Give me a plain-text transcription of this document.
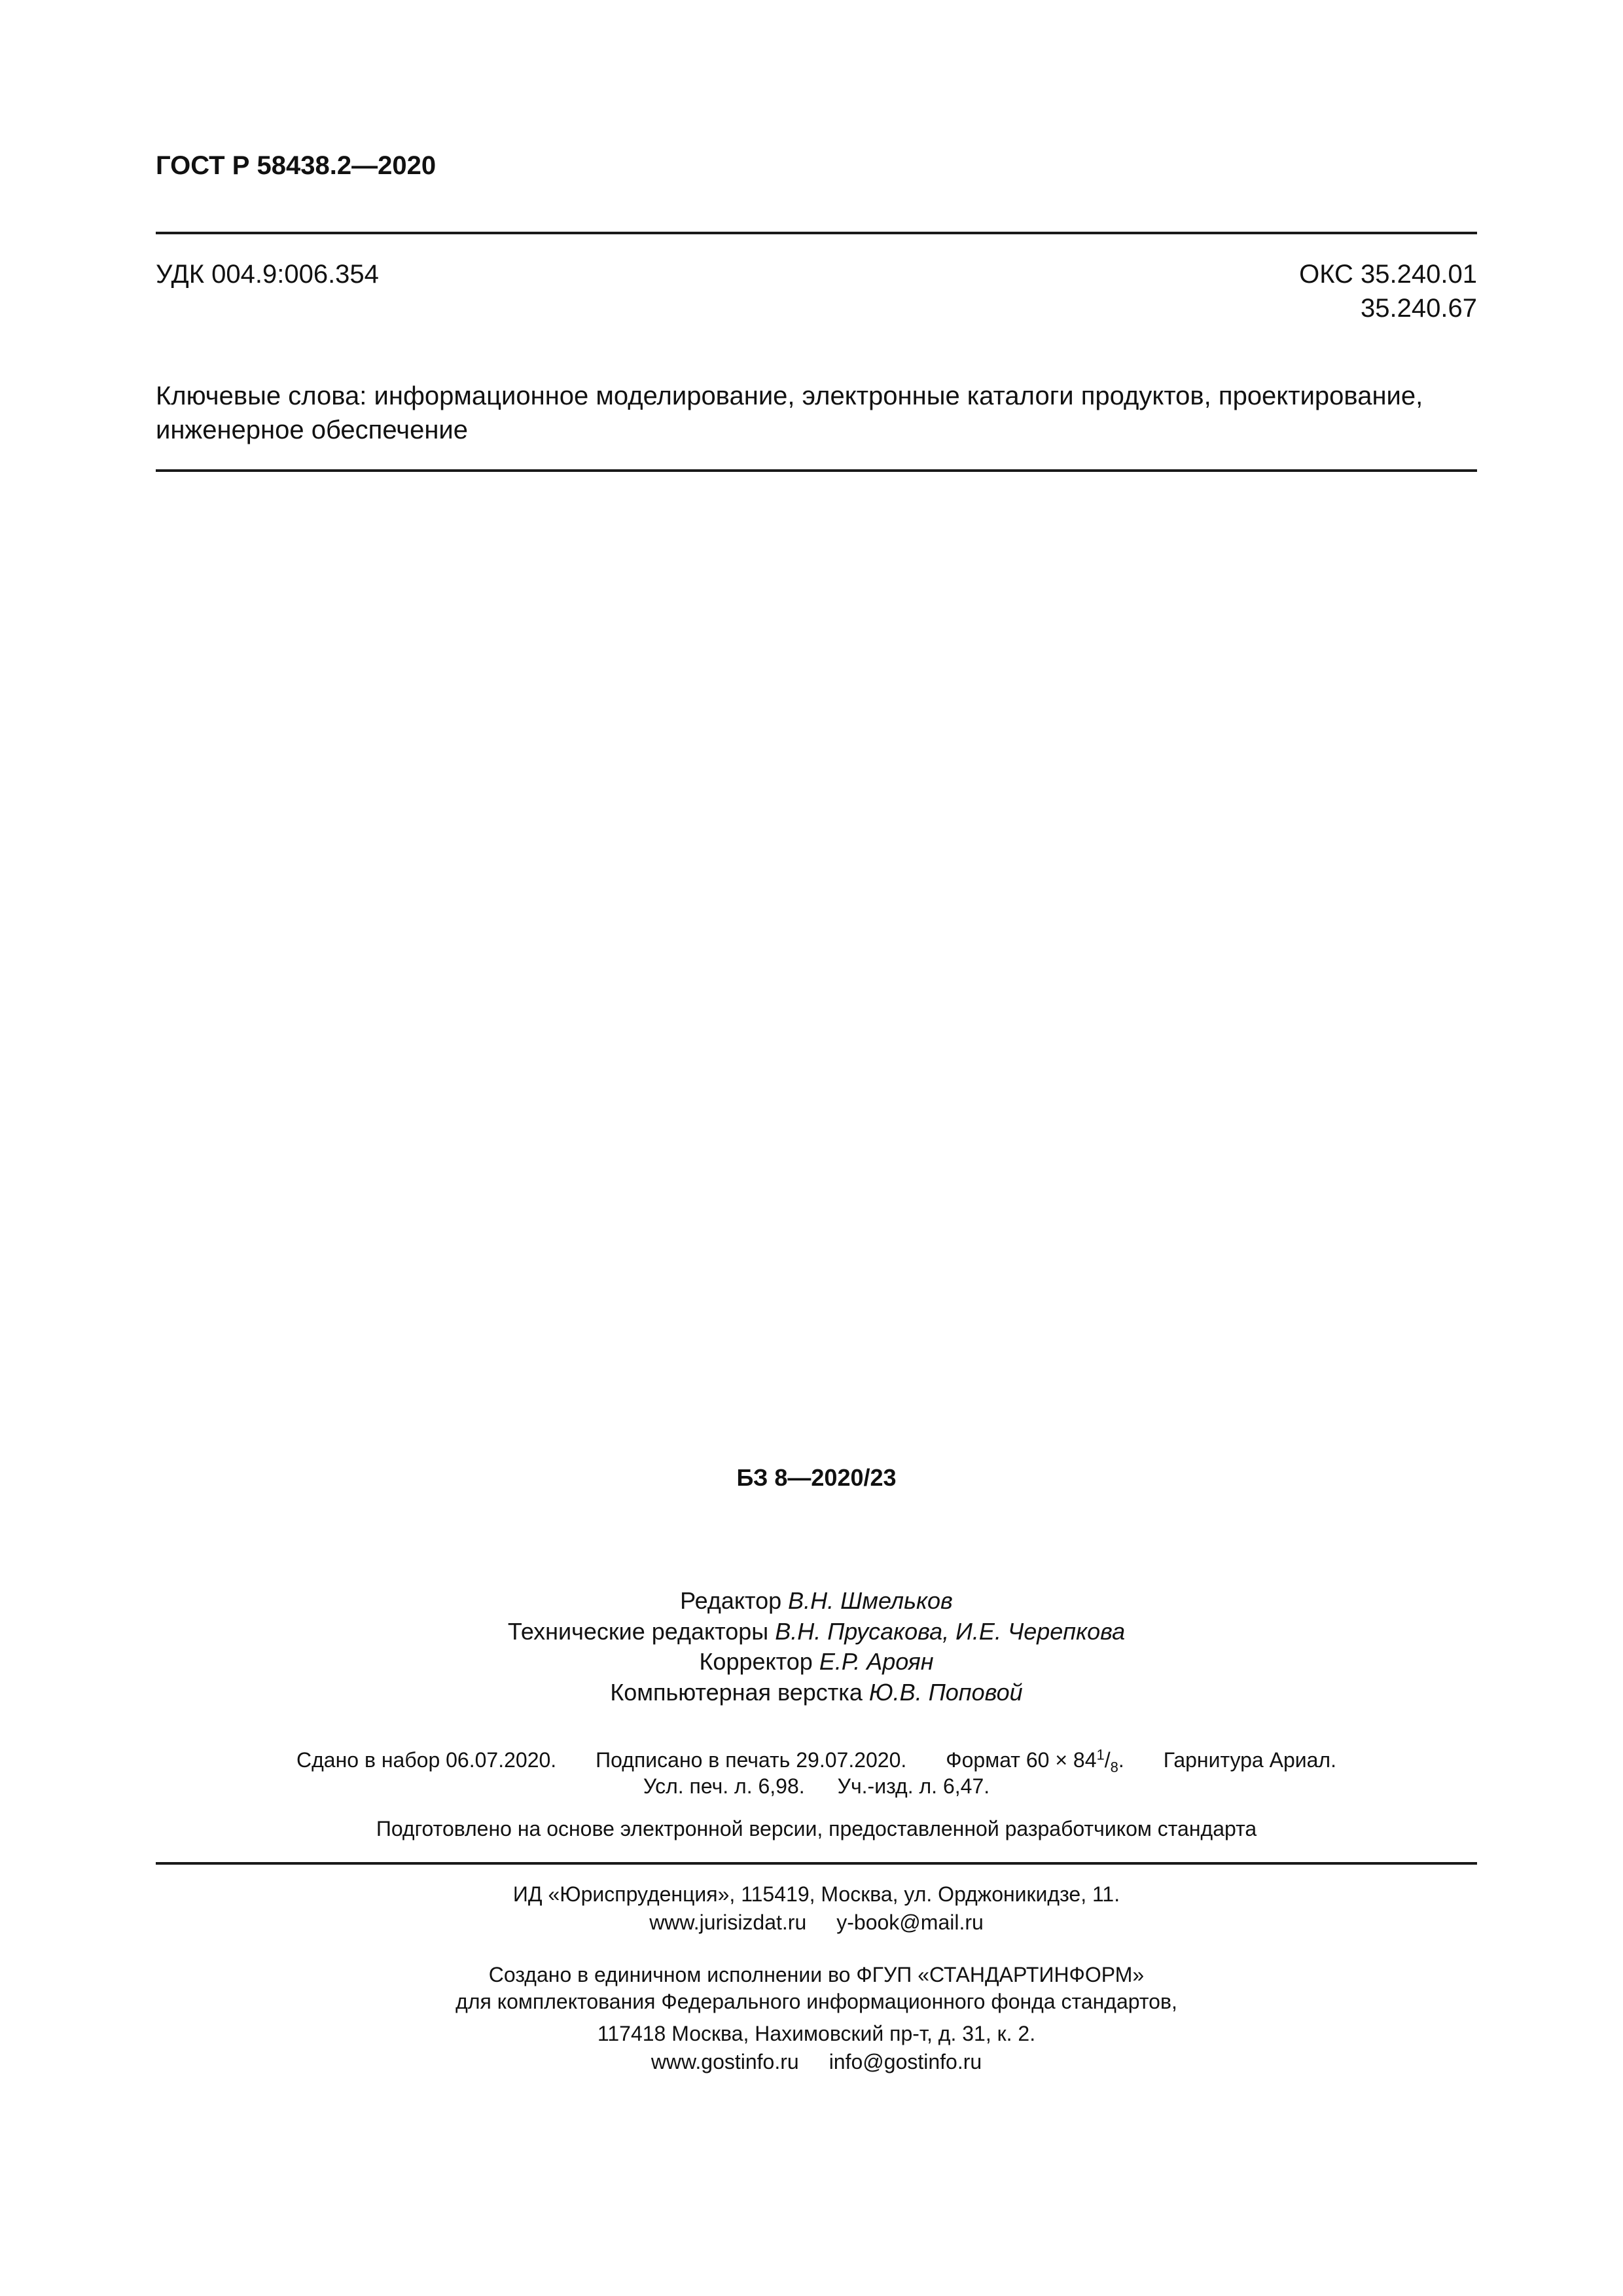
ГОСТ Р 58438.2—2020
УДК 004.9:006.354	ОКС 35.240.01
35.240.67
Ключевые слова: информационное моделирование, электронные каталоги продуктов, проектирование,
инженерное обеспечение
БЗ 8—2020/23
Редактор В.Н. Шмельков
Технические редакторы В.Н. Прусакова, И.Е. Черепкова
Корректор Е.Р. Ароян
Компьютерная верстка Ю.В. Поповой
Сдано в набор 06.07.2020. Подписано в печать 29.07.2020. Формат $60 \times 84^1/_8$. Гарнитура Ариал.
Усл. печ. л. 6,98. Уч.-изд. л. 6,47.
Подготовлено на основе электронной версии, предоставленной разработчиком стандарта
ИД «Юриспруденция», 115419, Москва, ул. Орджоникидзе, 11.
www.jurisizdat.ru y-book@mail.ru
Создано в единичном исполнении во ФГУП «СТАНДАРТИНФОРМ»
для комплектования Федерального информационного фонда стандартов,
117418 Москва, Нахимовский пр-т, д. 31, к. 2.
www.gostinfo.ru info@gostinfo.ru
